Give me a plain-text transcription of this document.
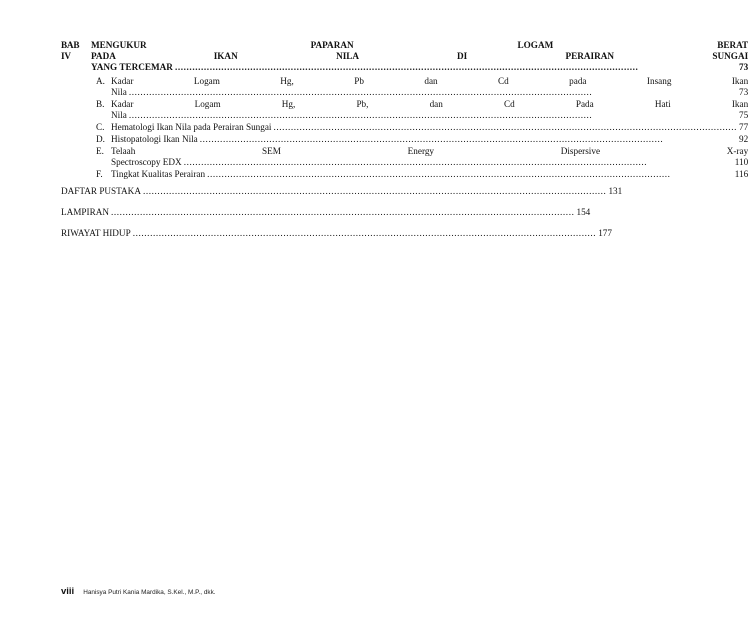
BAB IV
MENGUKUR PAPARAN LOGAM BERAT
PADA IKAN NILA DI PERAIRAN SUNGAI
YANG TERCEMAR .....	73
A. Kadar Logam Hg, Pb dan Cd pada Insang Ikan
Nila .....	73
B. Kadar Logam Hg, Pb, dan Cd Pada Hati Ikan
Nila .....	75
C. Hematologi Ikan Nila pada Perairan Sungai .....	77
D. Histopatologi Ikan Nila .....	92
E. Telaah SEM Energy Dispersive X-ray
Spectroscopy EDX .....	110
F. Tingkat Kualitas Perairan .....	116
DAFTAR PUSTAKA .....	131
LAMPIRAN .....	154
RIWAYAT HIDUP .....	177
viii Hanisya Putri Kania Mardika, S.Kel., M.P., dkk.
